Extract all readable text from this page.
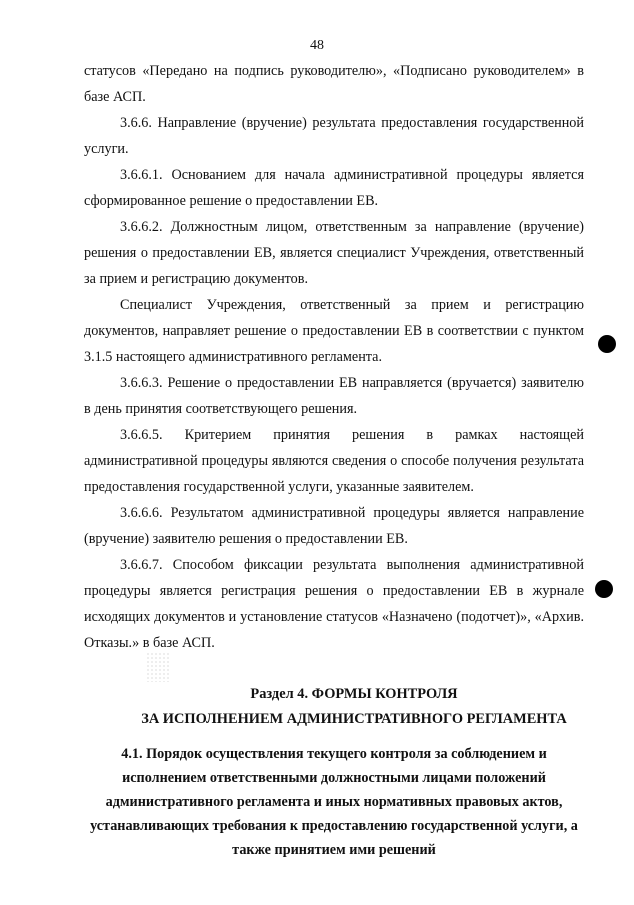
48

статусов «Передано на подпись руководителю», «Подписано руководителем» в базе АСП.

3.6.6. Направление (вручение) результата предоставления государственной услуги.

3.6.6.1. Основанием для начала административной процедуры является сформированное решение о предоставлении ЕВ.

3.6.6.2. Должностным лицом, ответственным за направление (вручение) решения о предоставлении ЕВ, является специалист Учреждения, ответственный за прием и регистрацию документов.

Специалист Учреждения, ответственный за прием и регистрацию документов, направляет решение о предоставлении ЕВ в соответствии с пунктом 3.1.5 настоящего административного регламента.

3.6.6.3. Решение о предоставлении ЕВ направляется (вручается) заявителю в день принятия соответствующего решения.

3.6.6.5. Критерием принятия решения в рамках настоящей административной процедуры являются сведения о способе получения результата предоставления государственной услуги, указанные заявителем.

3.6.6.6. Результатом административной процедуры является направление (вручение) заявителю решения о предоставлении ЕВ.

3.6.6.7. Способом фиксации результата выполнения административной процедуры является регистрация решения о предоставлении ЕВ в журнале исходящих документов и установление статусов «Назначено (подотчет)», «Архив. Отказы.» в базе АСП.

Раздел 4. ФОРМЫ КОНТРОЛЯ
ЗА ИСПОЛНЕНИЕМ АДМИНИСТРАТИВНОГО РЕГЛАМЕНТА
4.1. Порядок осуществления текущего контроля за соблюдением и исполнением ответственными должностными лицами положений административного регламента и иных нормативных правовых актов, устанавливающих требования к предоставлению государственной услуги, а также принятием ими решений
